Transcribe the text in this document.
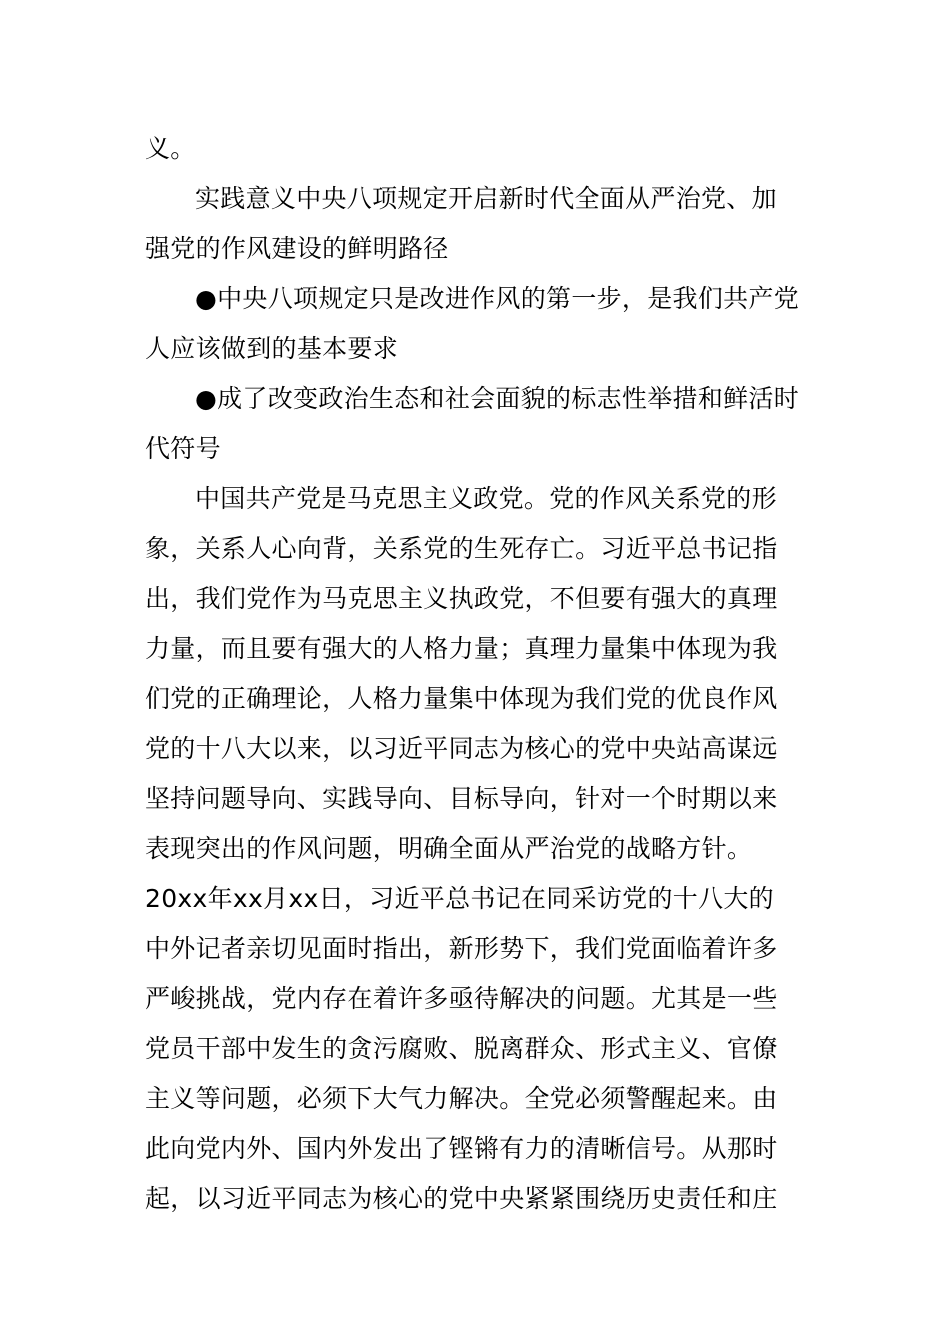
义。
实践意义中央八项规定开启新时代全面从严治党、加
强党的作风建设的鲜明路径
●中央八项规定只是改进作风的第一步，是我们共产党
人应该做到的基本要求
●成了改变政治生态和社会面貌的标志性举措和鲜活时
代符号
中国共产党是马克思主义政党。党的作风关系党的形
象，关系人心向背，关系党的生死存亡。习近平总书记指
出，我们党作为马克思主义执政党，不但要有强大的真理
力量，而且要有强大的人格力量；真理力量集中体现为我
们党的正确理论，人格力量集中体现为我们党的优良作风
党的十八大以来，以习近平同志为核心的党中央站高谋远
坚持问题导向、实践导向、目标导向，针对一个时期以来
表现突出的作风问题，明确全面从严治党的战略方针。
20xx年xx月xx日，习近平总书记在同采访党的十八大的
中外记者亲切见面时指出，新形势下，我们党面临着许多
严峻挑战，党内存在着许多亟待解决的问题。尤其是一些
党员干部中发生的贪污腐败、脱离群众、形式主义、官僚
主义等问题，必须下大气力解决。全党必须警醒起来。由
此向党内外、国内外发出了铿锵有力的清晰信号。从那时
起，以习近平同志为核心的党中央紧紧围绕历史责任和庄
